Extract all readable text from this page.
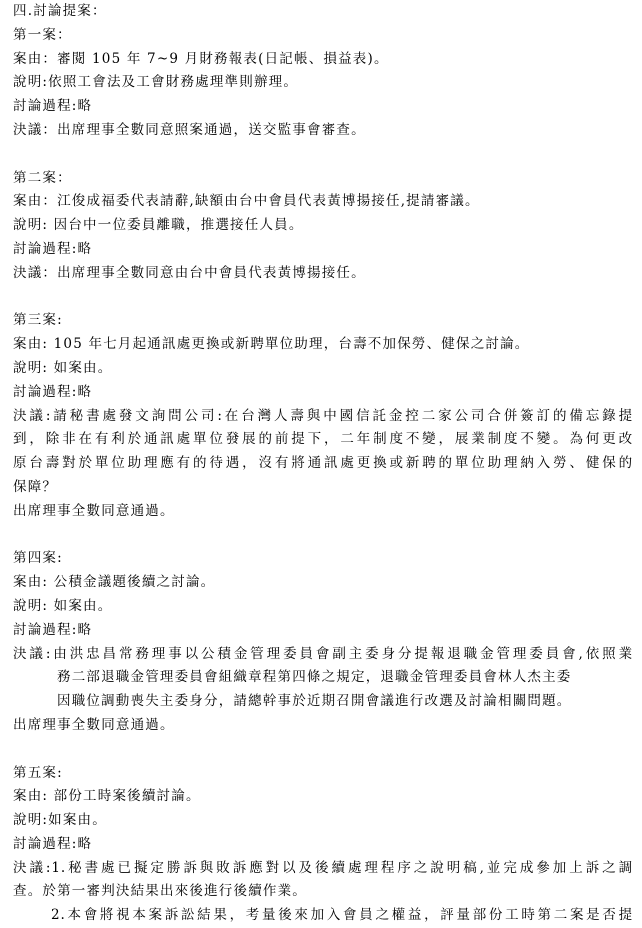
四.討論提案：
第一案：
案由：審閱 105 年 7~9 月財務報表(日記帳、損益表)。
說明:依照工會法及工會財務處理準則辦理。
討論過程:略
決議：出席理事全數同意照案通過，送交監事會審查。
第二案：
案由：江俊成福委代表請辭,缺額由台中會員代表黃博揚接任,提請審議。
說明: 因台中一位委員離職，推選接任人員。
討論過程:略
決議：出席理事全數同意由台中會員代表黃博揚接任。
第三案:
案由: 105 年七月起通訊處更換或新聘單位助理，台壽不加保勞、健保之討論。
說明: 如案由。
討論過程:略
決議:請秘書處發文詢問公司:在台灣人壽與中國信託金控二家公司合併簽訂的備忘錄提
到，除非在有利於通訊處單位發展的前提下，二年制度不變，展業制度不變。為何更改
原台壽對於單位助理應有的待遇，沒有將通訊處更換或新聘的單位助理納入勞、健保的
保障？
出席理事全數同意通過。
第四案:
案由: 公積金議題後續之討論。
說明: 如案由。
討論過程:略
決議:由洪忠昌常務理事以公積金管理委員會副主委身分提報退職金管理委員會,依照業
務二部退職金管理委員會組織章程第四條之規定，退職金管理委員會林人杰主委
因職位調動喪失主委身分，請總幹事於近期召開會議進行改選及討論相關問題。
出席理事全數同意通過。
第五案:
案由: 部份工時案後續討論。
說明:如案由。
討論過程:略
決議:1.秘書處已擬定勝訴與敗訴應對以及後續處理程序之說明稿,並完成參加上訴之調
查。於第一審判決結果出來後進行後續作業。
2.本會將視本案訴訟結果，考量後來加入會員之權益，評量部份工時第二案是否提
